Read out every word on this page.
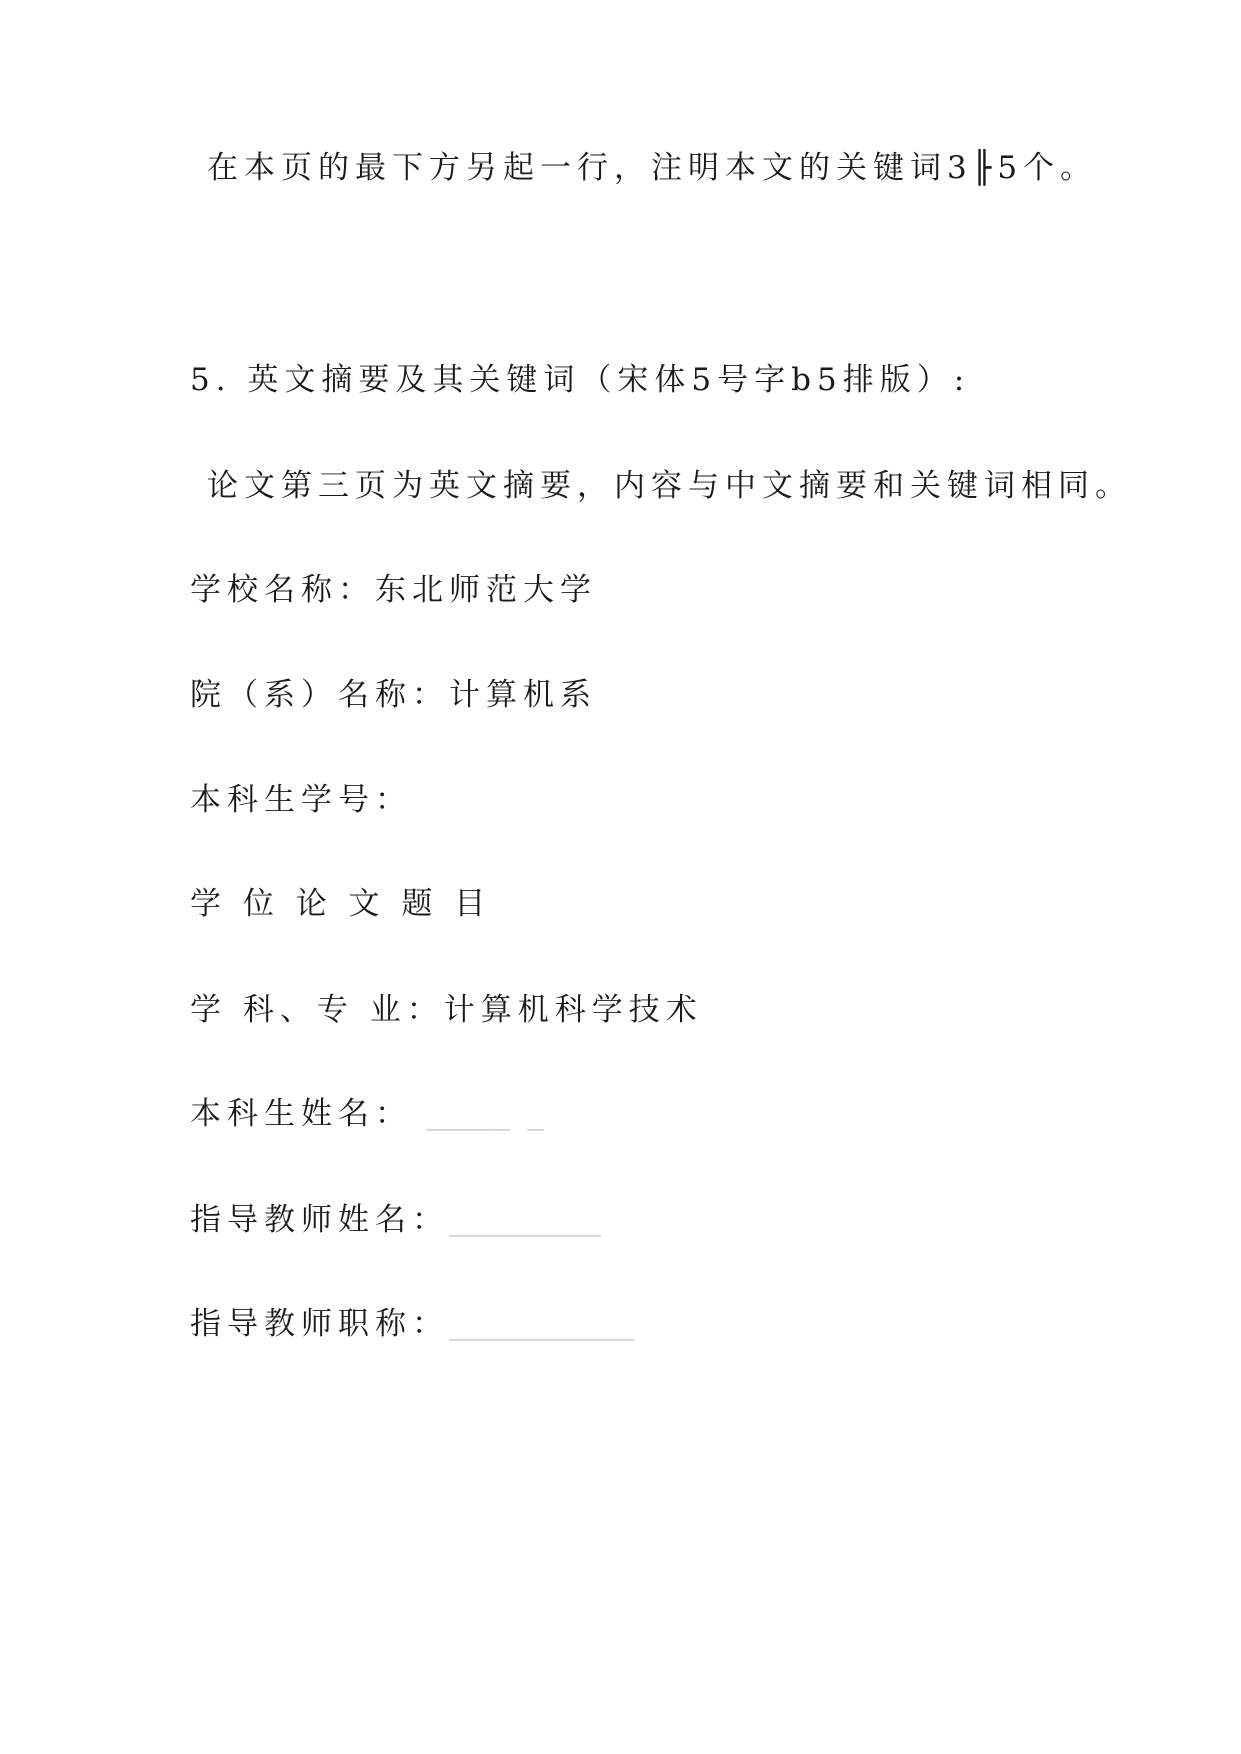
在本页的最下方另起一行，注明本文的关键词3╟5个。
5. 英文摘要及其关键词（宋体5号字b5排版）:
论文第三页为英文摘要，内容与中文摘要和关键词相同。
学校名称：东北师范大学
院（系）名称：计算机系
本科生学号：
学 位 论 文 题 目
学 科、专 业：计算机科学技术
本科生姓名： _____ _
指导教师姓名：_________
指导教师职称：___________
